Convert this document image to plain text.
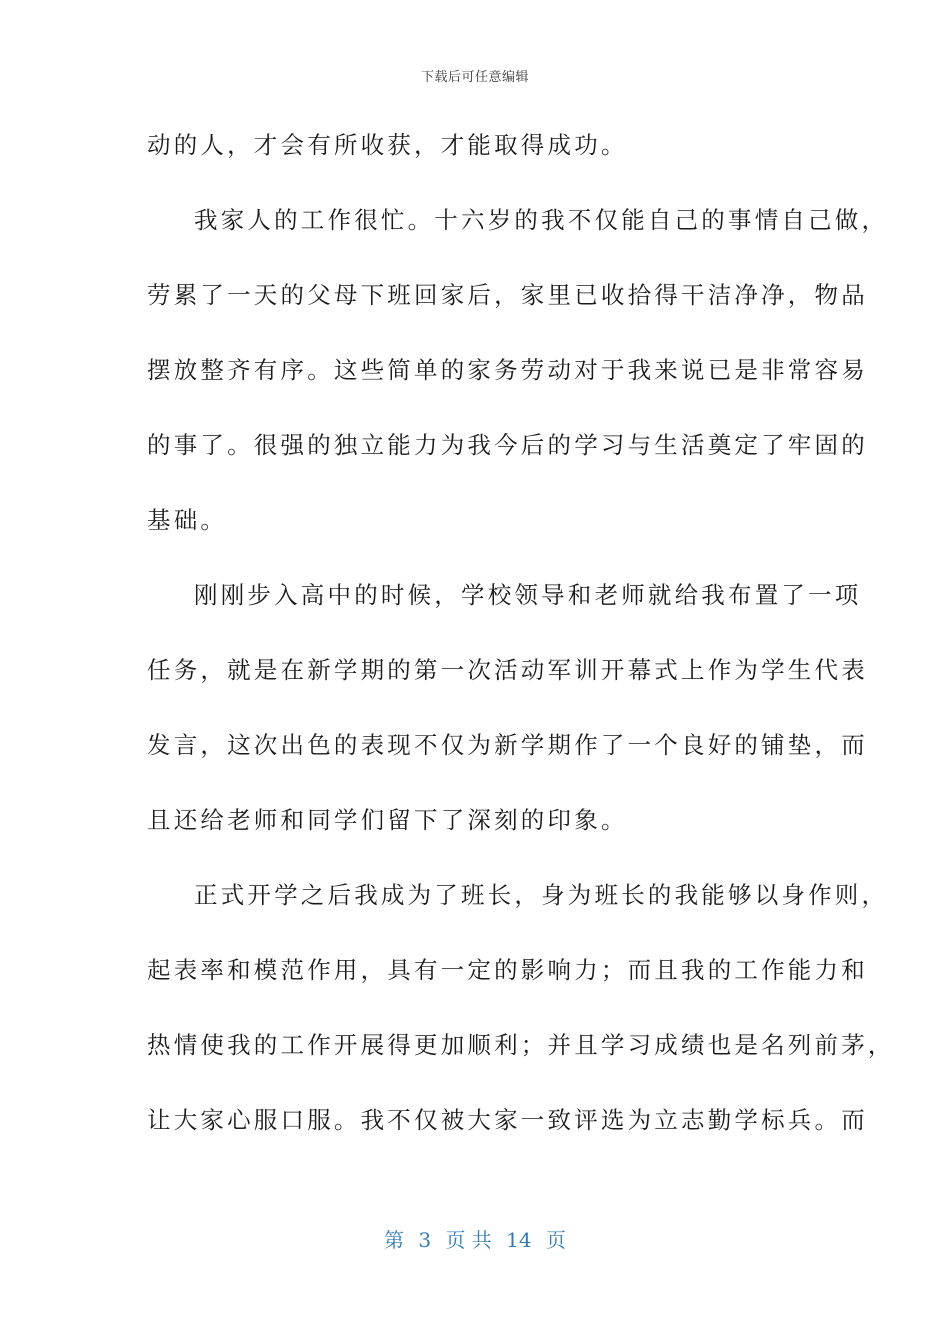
下载后可任意编辑
动的人，才会有所收获，才能取得成功。
我家人的工作很忙。十六岁的我不仅能自己的事情自己做，
劳累了一天的父母下班回家后，家里已收拾得干洁净净，物品
摆放整齐有序。这些简单的家务劳动对于我来说已是非常容易
的事了。很强的独立能力为我今后的学习与生活奠定了牢固的
基础。
刚刚步入高中的时候，学校领导和老师就给我布置了一项
任务，就是在新学期的第一次活动军训开幕式上作为学生代表
发言，这次出色的表现不仅为新学期作了一个良好的铺垫，而
且还给老师和同学们留下了深刻的印象。
正式开学之后我成为了班长，身为班长的我能够以身作则，
起表率和模范作用，具有一定的影响力；而且我的工作能力和
热情使我的工作开展得更加顺利；并且学习成绩也是名列前茅，
让大家心服口服。我不仅被大家一致评选为立志勤学标兵。而
第 3 页 共 14 页
